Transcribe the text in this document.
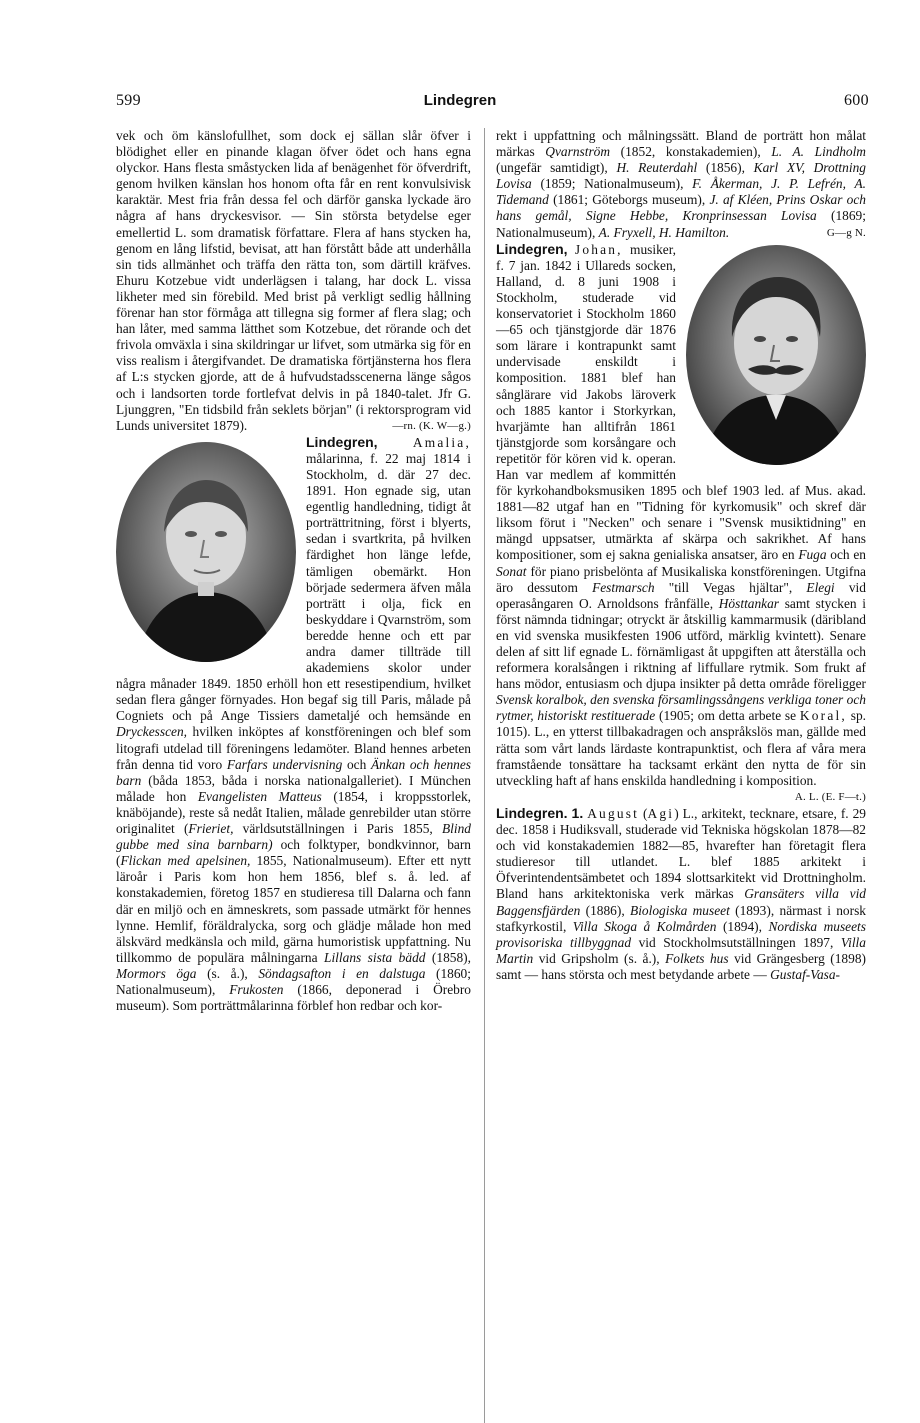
599	Lindegren	600

vek och öm känslofullhet, som dock ej sällan slår öfver i blödighet eller en pinande klagan öfver ödet och hans egna olyckor. Hans flesta småstycken lida af benägenhet för öfverdrift, genom hvilken känslan hos honom ofta får en rent konvulsivisk karaktär. Mest fria från dessa fel och därför ganska lyckade äro några af hans dryckesvisor. — Sin största betydelse eger emellertid L. som dramatisk författare. Flera af hans stycken ha, genom en lång lifstid, bevisat, att han förstått både att underhålla sin tids allmänhet och träffa den rätta ton, som därtill kräfves. Ehuru Kotzebue vidt underlägsen i talang, har dock L. vissa likheter med sin förebild. Med brist på verkligt sedlig hållning förenar han stor förmåga att tillegna sig former af flera slag; och han låter, med samma lätthet som Kotzebue, det rörande och det frivola omväxla i sina skildringar ur lifvet, som utmärka sig för en viss realism i återgifvandet. De dramatiska förtjänsterna hos flera af L:s stycken gjorde, att de å hufvudstadsscenerna länge sågos och i landsorten torde fortlefvat delvis in på 1840-talet. Jfr G. Ljunggren, "En tidsbild från seklets början" (i rektorsprogram vid Lunds universitet 1879).	—rn. (K. W—g.)

Lindegren,	Amalia,
målarinna, f. 22 maj 1814 i Stockholm, d. där 27 dec. 1891. Hon egnade sig, utan egentlig handledning, tidigt åt porträttritning, först i blyerts, sedan i svartkrita, på hvilken färdighet hon länge lefde, tämligen obemärkt. Hon började sedermera äfven måla porträtt i olja, fick en beskyddare i Qvarnström, som beredde henne och ett par andra damer tillträde till akademiens skolor under några månader 1849. 1850 erhöll hon ett resestipendium, hvilket sedan flera gånger förnyades. Hon begaf sig till Paris, målade på Cogniets och på Ange Tissiers dametaljé och hemsände en Dryckesscen, hvilken inköptes af konstföreningen och blef som litografi utdelad till föreningens ledamöter. Bland hennes arbeten från denna tid voro Farfars undervisning och Änkan och hennes barn (båda 1853, båda i norska nationalgalleriet). I München målade hon Evangelisten Matteus (1854, i kroppsstorlek, knäböjande), reste så nedåt Italien, målade genrebilder utan större originalitet (Frieriet, världsutställningen i Paris 1855, Blind gubbe med sina barnbarn) och folktyper, bondkvinnor, barn (Flickan med apelsinen, 1855, Nationalmuseum). Efter ett nytt läroår i Paris kom hon hem 1856, blef s. å. led. af konstakademien, företog 1857 en studieresa till Dalarna och fann där en miljö och en ämneskrets, som passade utmärkt för hennes lynne. Hemlif, föräldralycka, sorg och glädje målade hon med älskvärd medkänsla och mild, gärna humoristisk uppfattning. Nu tillkommo de populära målningarna Lillans sista bädd (1858), Mormors öga (s. å.), Söndagsafton i en dalstuga (1860; Nationalmuseum), Frukosten (1866, deponerad i Örebro museum). Som porträttmålarinna förblef hon redbar och kor-

rekt i uppfattning och målningssätt. Bland de porträtt hon målat märkas Qvarnström (1852, konstakademien), L. A. Lindholm (ungefär samtidigt), H. Reuterdahl (1856), Karl XV, Drottning Lovisa (1859; Nationalmuseum), F. Åkerman, J. P. Lefrén, A. Tidemand (1861; Göteborgs museum), J. af Kléen, Prins Oskar och hans gemål, Signe Hebbe, Kronprinsessan Lovisa (1869; Nationalmuseum), A. Fryxell, H. Hamilton.	G—g N.

Lindegren, Johan, musiker, f. 7 jan. 1842 i Ullareds socken, Halland, d. 8 juni 1908 i Stockholm, studerade vid konservatoriet i Stockholm 1860—65 och tjänstgjorde där 1876 som lärare i kontrapunkt samt undervisade enskildt i komposition. 1881 blef han sånglärare vid Jakobs läroverk och 1885 kantor i Storkyrkan, hvarjämte han alltifrån 1861 tjänstgjorde som korsångare och repetitör för kören vid k. operan. Han var medlem af kommittén för kyrkohandboksmusiken 1895 och blef 1903 led. af Mus. akad. 1881—82 utgaf han en "Tidning för kyrkomusik" och skref där liksom förut i "Necken" och senare i "Svensk musiktidning" en mängd uppsatser, utmärkta af skärpa och sakrikhet. Af hans kompositioner, som ej sakna genialiska ansatser, äro en Fuga och en Sonat för piano prisbelönta af Musikaliska konstföreningen. Utgifna äro dessutom Festmarsch "till Vegas hjältar", Elegi vid operasångaren O. Arnoldsons frånfälle, Hösttankar samt stycken i först nämnda tidningar; otryckt är åtskillig kammarmusik (däribland en vid svenska musikfesten 1906 utförd, märklig kvintett). Senare delen af sitt lif egnade L. förnämligast åt uppgiften att återställa och reformera koralsången i riktning af liffullare rytmik. Som frukt af hans mödor, entusiasm och djupa insikter på detta område föreligger Svensk koralbok, den svenska församlingssångens verkliga toner och rytmer, historiskt restituerade (1905; om detta arbete se Koral, sp. 1015). L., en ytterst tillbakadragen och anspråkslös man, gällde med rätta som vårt lands lärdaste kontrapunktist, och flera af våra mera framstående tonsättare ha tacksamt erkänt den nytta de för sin utveckling haft af hans enskilda handledning i komposition.
A. L. (E. F—t.)

Lindegren. 1. August (Agi) L., arkitekt, tecknare, etsare, f. 29 dec. 1858 i Hudiksvall, studerade vid Tekniska högskolan 1878—82 och vid konstakademien 1882—85, hvarefter han företagit flera studieresor till utlandet. L. blef 1885 arkitekt i Öfverintendentsämbetet och 1894 slottsarkitekt vid Drottningholm. Bland hans arkitektoniska verk märkas Gransäters villa vid Baggensfjärden (1886), Biologiska museet (1893), närmast i norsk stafkyrkostil, Villa Skoga å Kolmården (1894), Nordiska museets provisoriska tillbyggnad vid Stockholmsutställningen 1897, Villa Martin vid Gripsholm (s. å.), Folkets hus vid Grängesberg (1898) samt — hans största och mest betydande arbete — Gustaf-Vasa-
